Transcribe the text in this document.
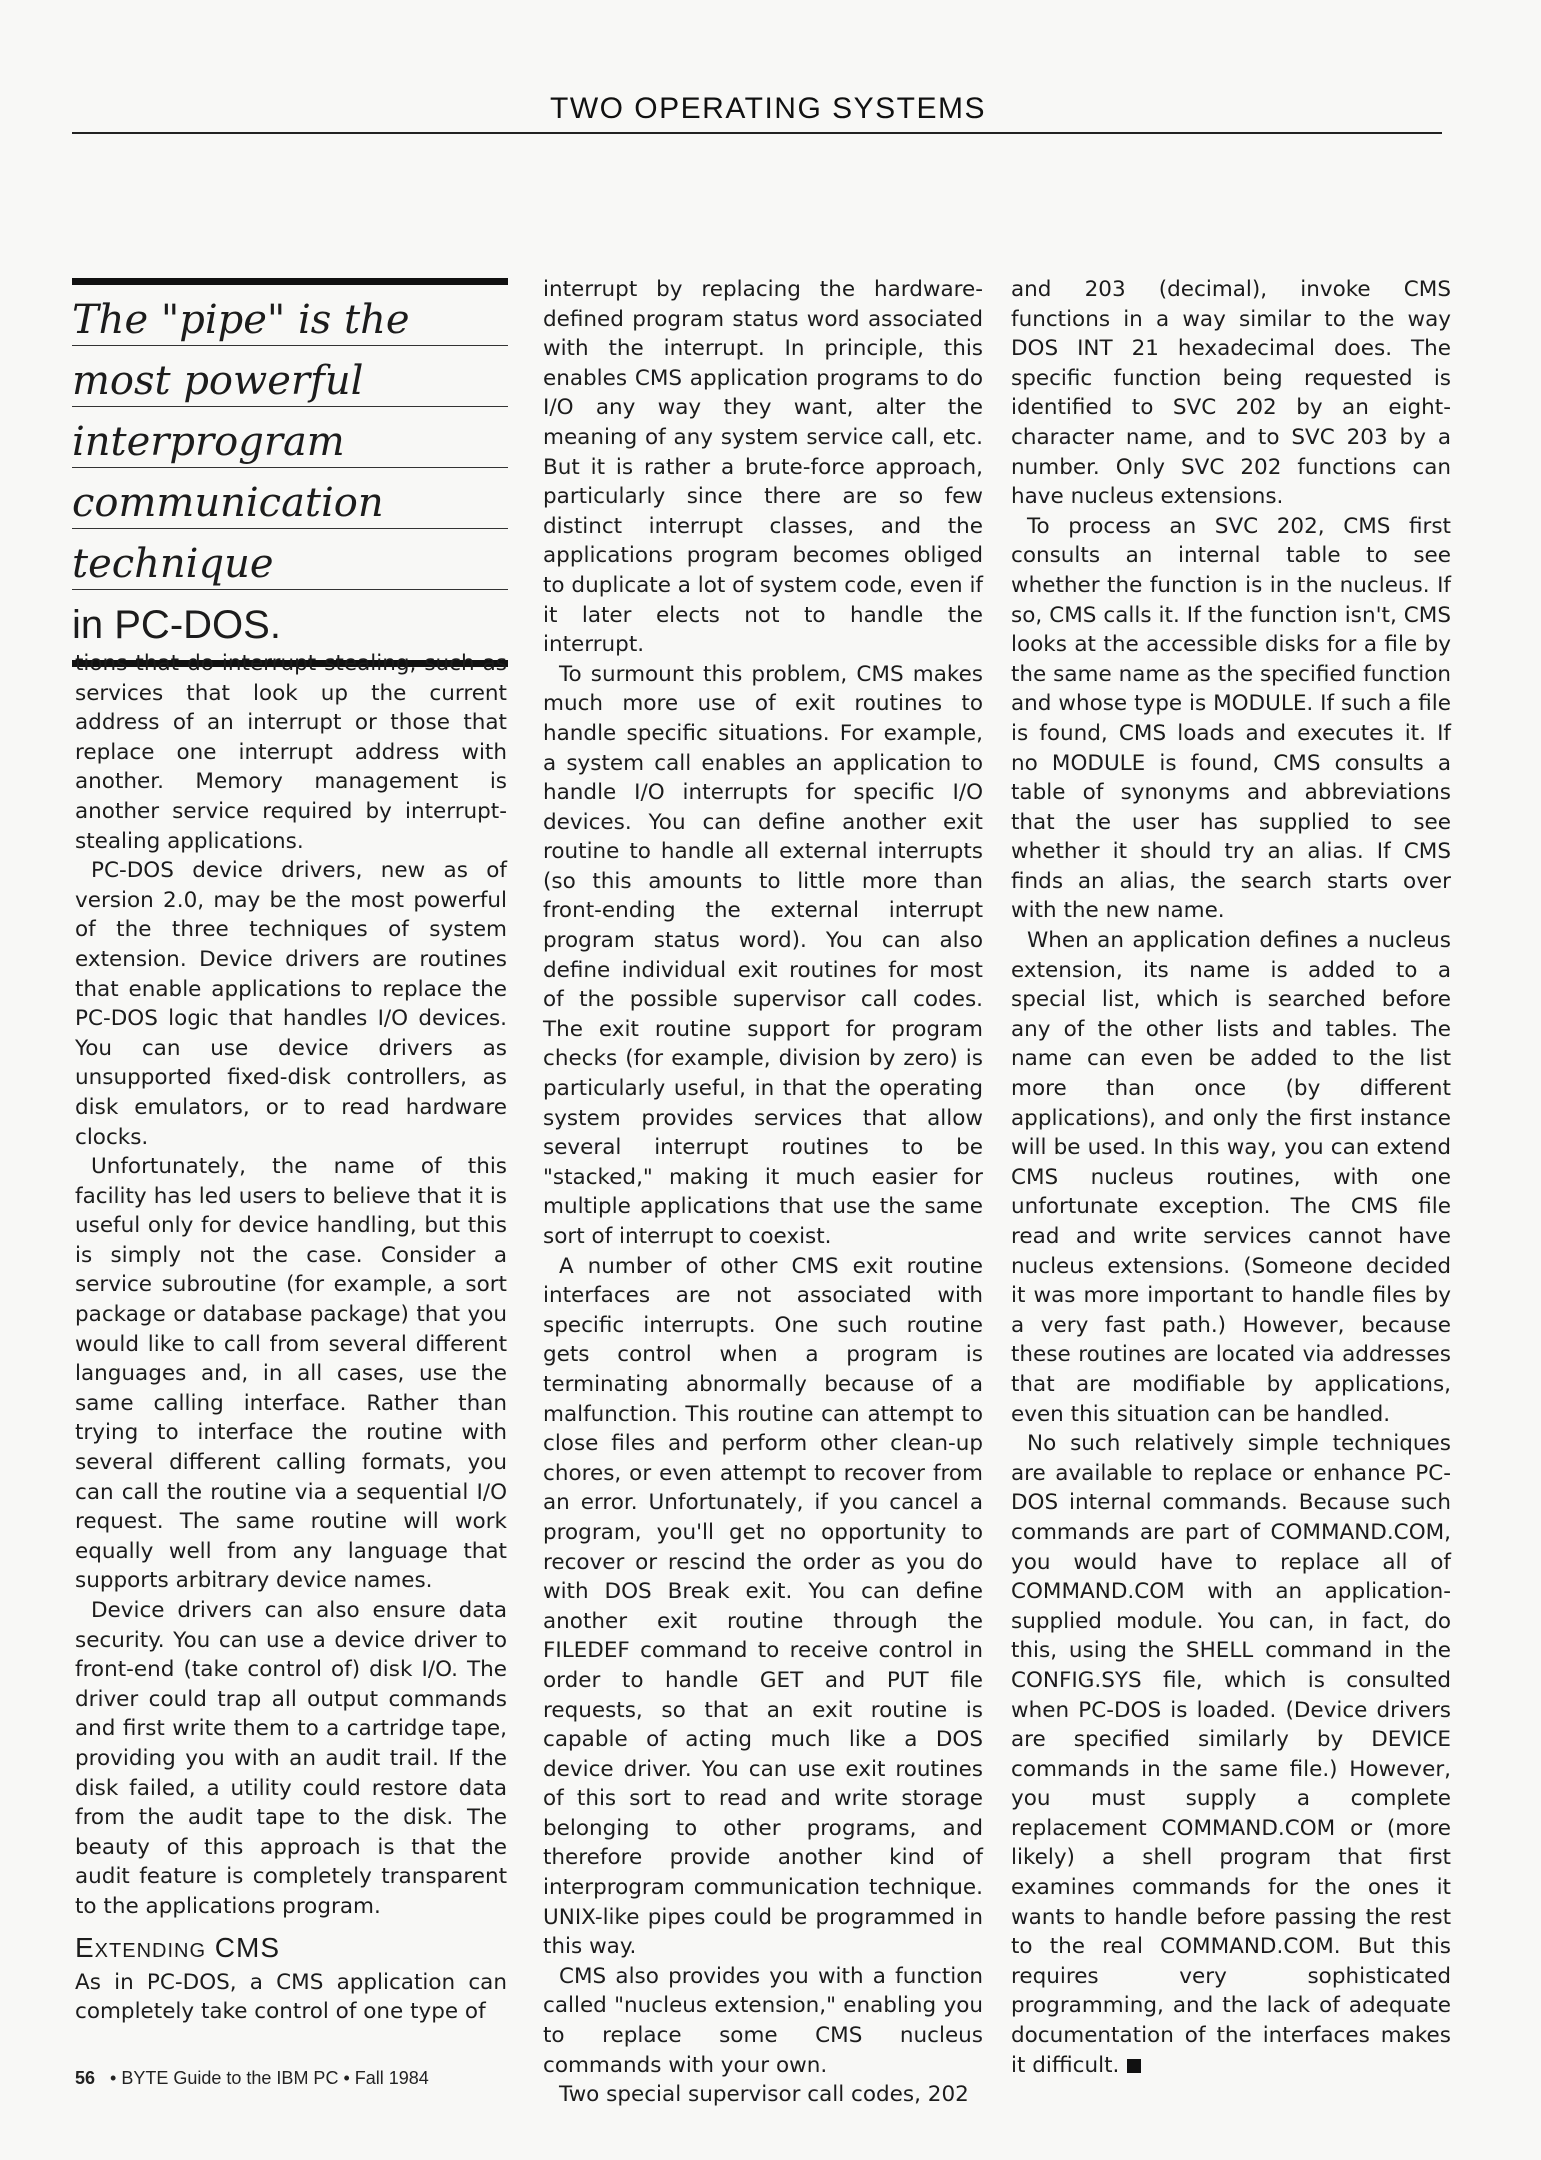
TWO OPERATING SYSTEMS
The "pipe" is the
most powerful
interprogram
communication
technique
in PC-DOS.

tions that do interrupt stealing, such as services that look up the current address of an interrupt or those that replace one interrupt address with another. Memory management is another service required by interrupt-stealing applications.

PC-DOS device drivers, new as of version 2.0, may be the most powerful of the three techniques of system extension. Device drivers are routines that enable applications to replace the PC-DOS logic that handles I/O devices. You can use device drivers as unsupported fixed-disk controllers, as disk emulators, or to read hardware clocks.

Unfortunately, the name of this facility has led users to believe that it is useful only for device handling, but this is simply not the case. Consider a service subroutine (for example, a sort package or database package) that you would like to call from several different languages and, in all cases, use the same calling interface. Rather than trying to interface the routine with several different calling formats, you can call the routine via a sequential I/O request. The same routine will work equally well from any language that supports arbitrary device names.

Device drivers can also ensure data security. You can use a device driver to front-end (take control of) disk I/O. The driver could trap all output commands and first write them to a cartridge tape, providing you with an audit trail. If the disk failed, a utility could restore data from the audit tape to the disk. The beauty of this approach is that the audit feature is completely transparent to the applications program.

Extending CMS

As in PC-DOS, a CMS application can completely take control of one type of

interrupt by replacing the hardware-defined program status word associated with the interrupt. In principle, this enables CMS application programs to do I/O any way they want, alter the meaning of any system service call, etc. But it is rather a brute-force approach, particularly since there are so few distinct interrupt classes, and the applications program becomes obliged to duplicate a lot of system code, even if it later elects not to handle the interrupt.

To surmount this problem, CMS makes much more use of exit routines to handle specific situations. For example, a system call enables an application to handle I/O interrupts for specific I/O devices. You can define another exit routine to handle all external interrupts (so this amounts to little more than front-ending the external interrupt program status word). You can also define individual exit routines for most of the possible supervisor call codes. The exit routine support for program checks (for example, division by zero) is particularly useful, in that the operating system provides services that allow several interrupt routines to be "stacked," making it much easier for multiple applications that use the same sort of interrupt to coexist.

A number of other CMS exit routine interfaces are not associated with specific interrupts. One such routine gets control when a program is terminating abnormally because of a malfunction. This routine can attempt to close files and perform other clean-up chores, or even attempt to recover from an error. Unfortunately, if you cancel a program, you'll get no opportunity to recover or rescind the order as you do with DOS Break exit. You can define another exit routine through the FILEDEF command to receive control in order to handle GET and PUT file requests, so that an exit routine is capable of acting much like a DOS device driver. You can use exit routines of this sort to read and write storage belonging to other programs, and therefore provide another kind of interprogram communication technique. UNIX-like pipes could be programmed in this way.

CMS also provides you with a function called "nucleus extension," enabling you to replace some CMS nucleus commands with your own.

Two special supervisor call codes, 202

and 203 (decimal), invoke CMS functions in a way similar to the way DOS INT 21 hexadecimal does. The specific function being requested is identified to SVC 202 by an eight-character name, and to SVC 203 by a number. Only SVC 202 functions can have nucleus extensions.

To process an SVC 202, CMS first consults an internal table to see whether the function is in the nucleus. If so, CMS calls it. If the function isn't, CMS looks at the accessible disks for a file by the same name as the specified function and whose type is MODULE. If such a file is found, CMS loads and executes it. If no MODULE is found, CMS consults a table of synonyms and abbreviations that the user has supplied to see whether it should try an alias. If CMS finds an alias, the search starts over with the new name.

When an application defines a nucleus extension, its name is added to a special list, which is searched before any of the other lists and tables. The name can even be added to the list more than once (by different applications), and only the first instance will be used. In this way, you can extend CMS nucleus routines, with one unfortunate exception. The CMS file read and write services cannot have nucleus extensions. (Someone decided it was more important to handle files by a very fast path.) However, because these routines are located via addresses that are modifiable by applications, even this situation can be handled.

No such relatively simple techniques are available to replace or enhance PC-DOS internal commands. Because such commands are part of COMMAND.COM, you would have to replace all of COMMAND.COM with an application-supplied module. You can, in fact, do this, using the SHELL command in the CONFIG.SYS file, which is consulted when PC-DOS is loaded. (Device drivers are specified similarly by DEVICE commands in the same file.) However, you must supply a complete replacement COMMAND.COM or (more likely) a shell program that first examines commands for the ones it wants to handle before passing the rest to the real COMMAND.COM. But this requires very sophisticated programming, and the lack of adequate documentation of the interfaces makes it difficult.

56 • BYTE Guide to the IBM PC • Fall 1984
